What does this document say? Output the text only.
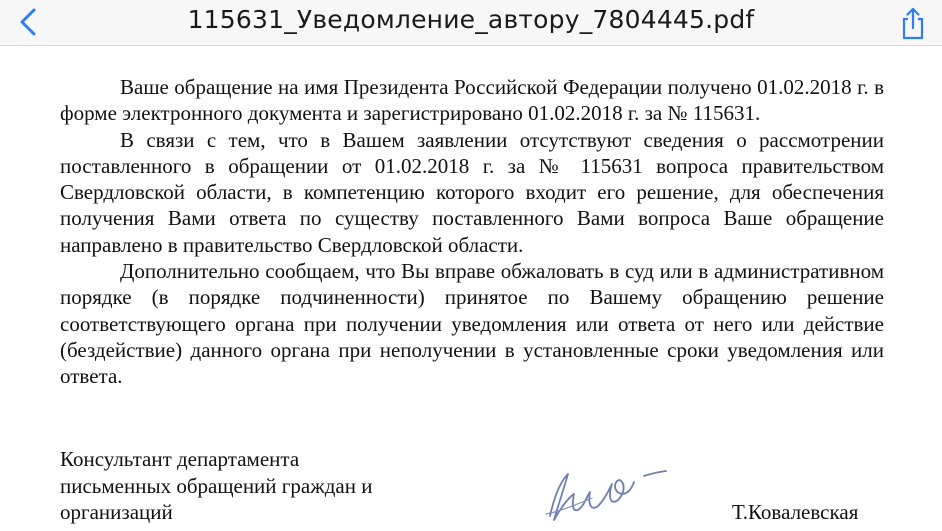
115631_Уведомление_автору_7804445.pdf

Ваше обращение на имя Президента Российской Федерации получено 01.02.2018 г. в форме электронного документа и зарегистрировано 01.02.2018 г. за № 115631.

В связи с тем, что в Вашем заявлении отсутствуют сведения о рассмотрении поставленного в обращении от 01.02.2018 г. за № 115631 вопроса правительством Свердловской области, в компетенцию которого входит его решение, для обеспечения получения Вами ответа по существу поставленного Вами вопроса Ваше обращение направлено в правительство Свердловской области.

Дополнительно сообщаем, что Вы вправе обжаловать в суд или в административном порядке (в порядке подчиненности) принятое по Вашему обращению решение соответствующего органа при получении уведомления или ответа от него или действие (бездействие) данного органа при неполучении в установленные сроки уведомления или ответа.

Консультант департамента
письменных обращений граждан и
организаций	Т.Ковалевская
